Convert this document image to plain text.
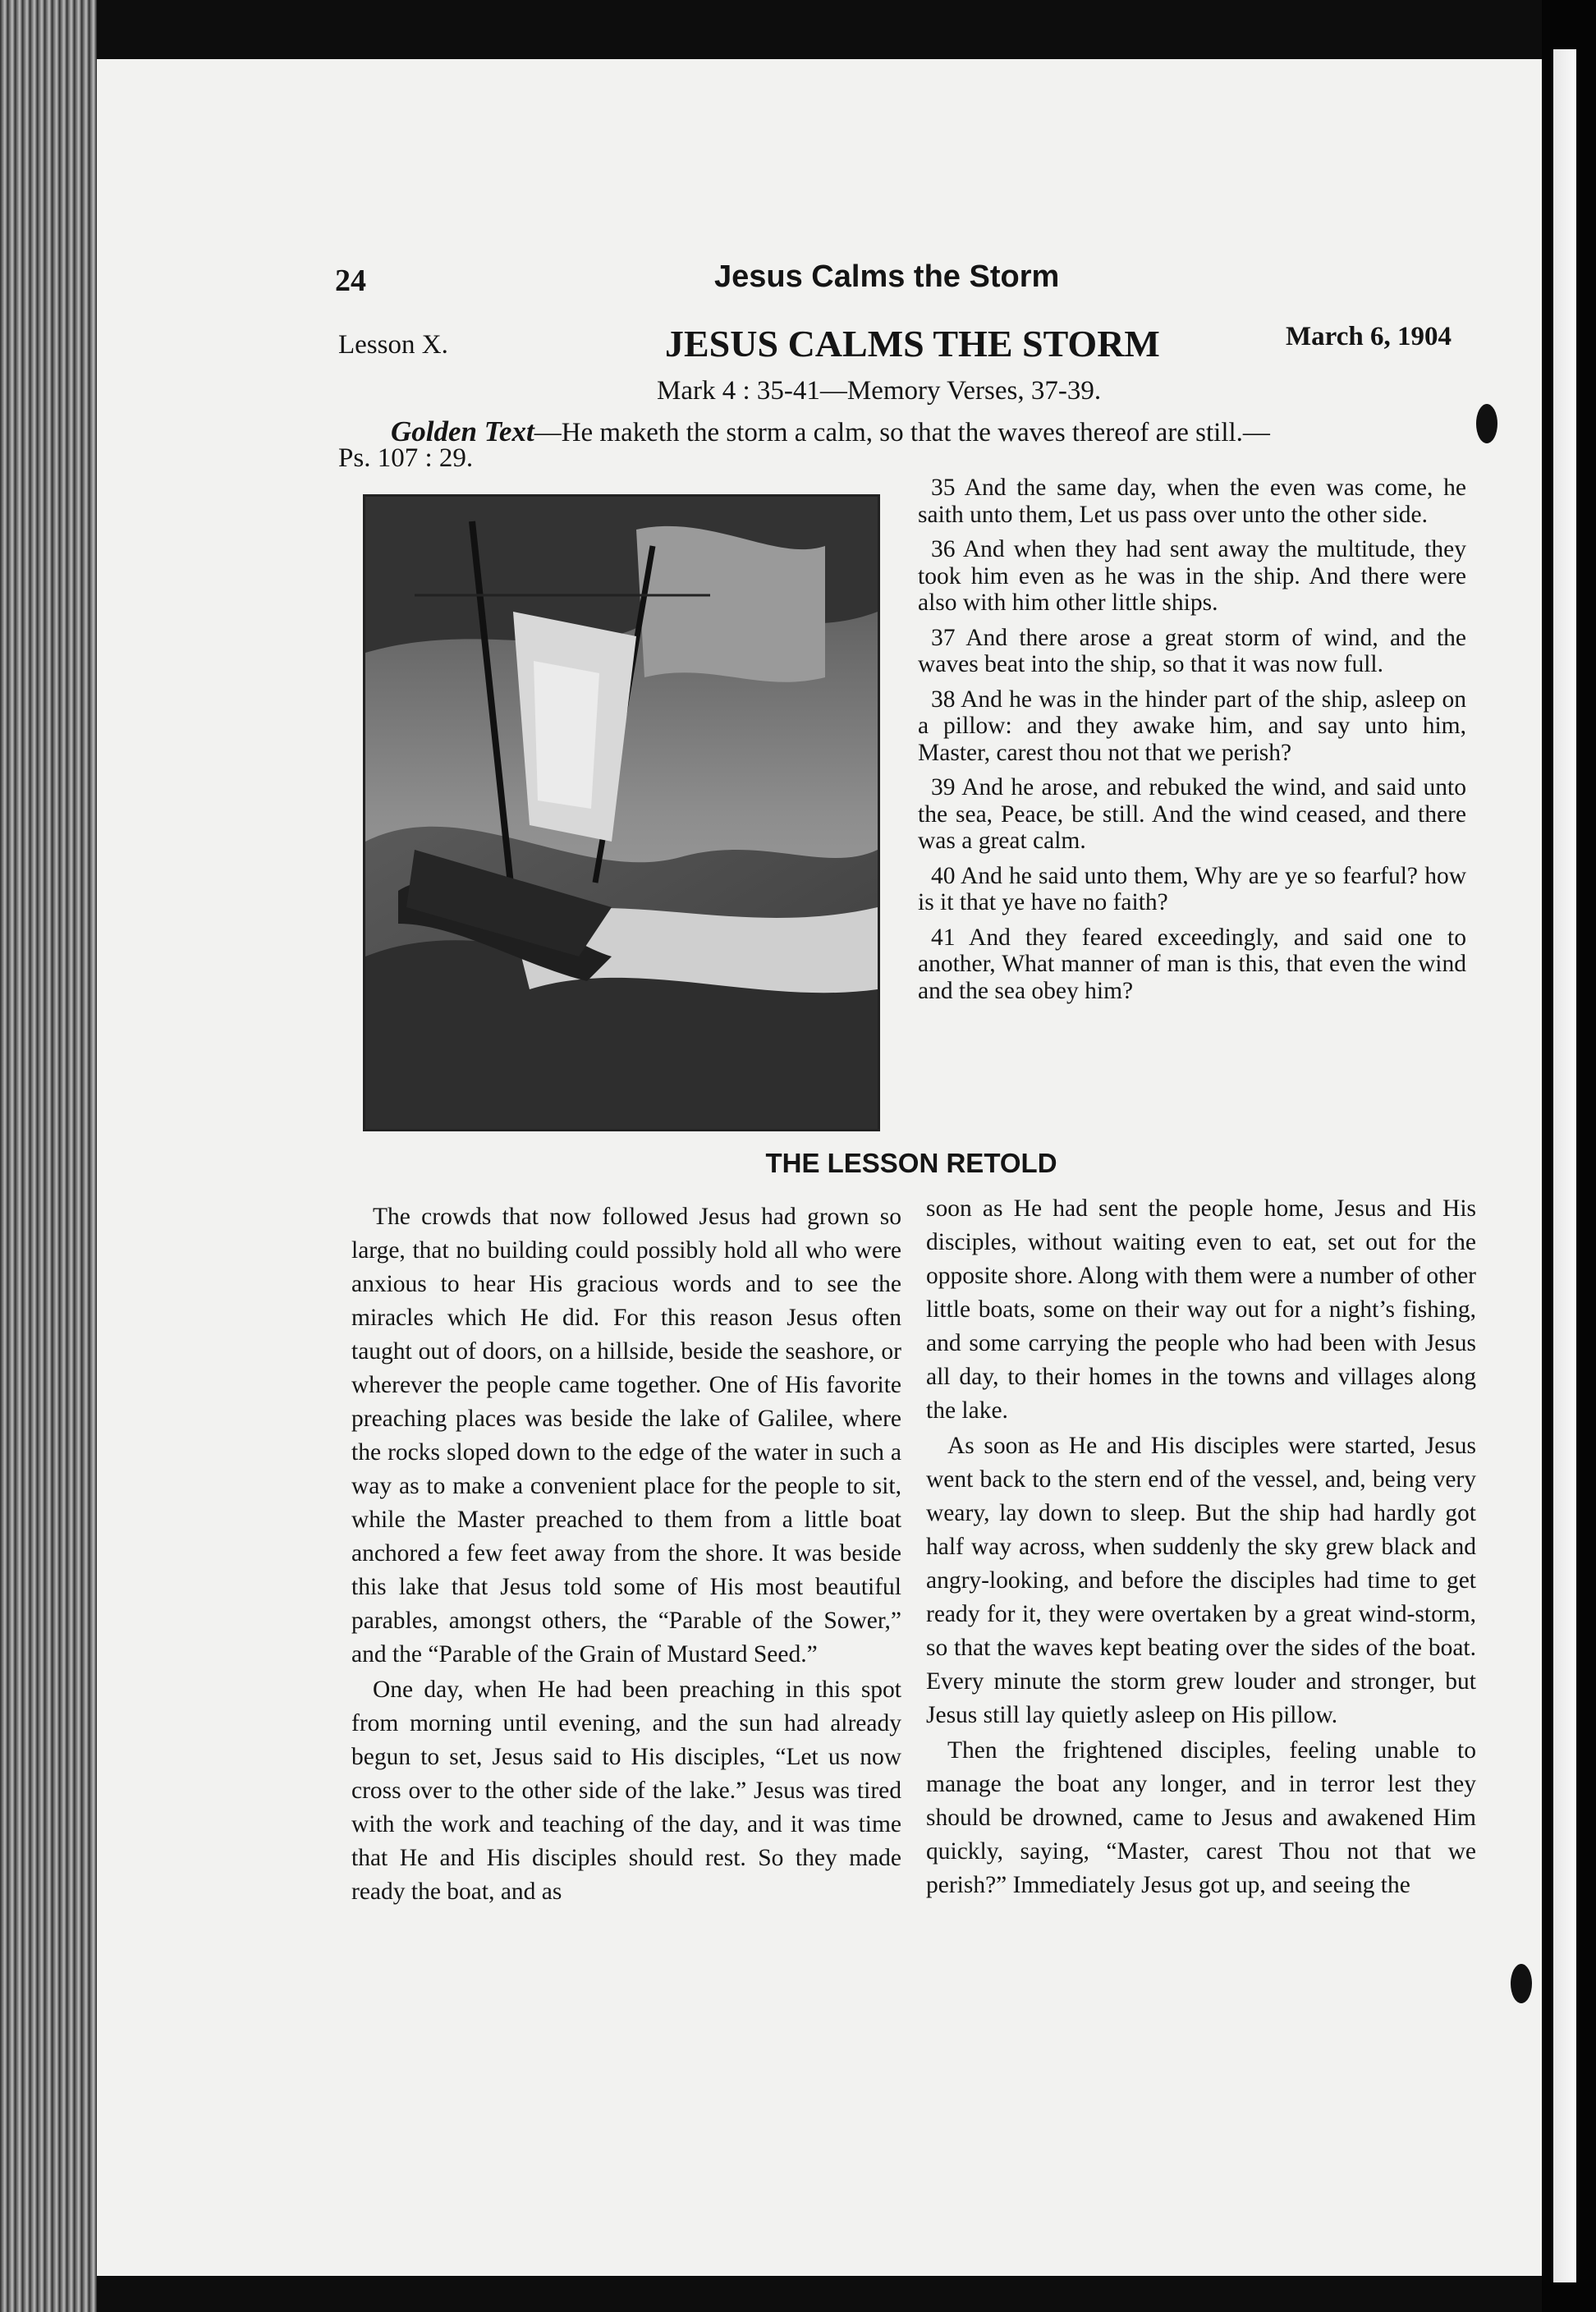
24	Jesus Calms the Storm
Lesson X.	JESUS CALMS THE STORM	March 6, 1904
Mark 4 : 35-41—Memory Verses, 37-39.
Golden Text—He maketh the storm a calm, so that the waves thereof are still.—
Ps. 107 : 29.

35 And the same day, when the even was come, he saith unto them, Let us pass over unto the other side.

36 And when they had sent away the multitude, they took him even as he was in the ship. And there were also with him other little ships.

37 And there arose a great storm of wind, and the waves beat into the ship, so that it was now full.

38 And he was in the hinder part of the ship, asleep on a pillow: and they awake him, and say unto him, Master, carest thou not that we perish?

39 And he arose, and rebuked the wind, and said unto the sea, Peace, be still. And the wind ceased, and there was a great calm.

40 And he said unto them, Why are ye so fearful? how is it that ye have no faith?

41 And they feared exceedingly, and said one to another, What manner of man is this, that even the wind and the sea obey him?

THE LESSON RETOLD

The crowds that now followed Jesus had grown so large, that no building could possibly hold all who were anxious to hear His gracious words and to see the miracles which He did. For this reason Jesus often taught out of doors, on a hillside, beside the seashore, or wherever the people came together. One of His favorite preaching places was beside the lake of Galilee, where the rocks sloped down to the edge of the water in such a way as to make a convenient place for the people to sit, while the Master preached to them from a little boat anchored a few feet away from the shore. It was beside this lake that Jesus told some of His most beautiful parables, amongst others, the “Parable of the Sower,” and the “Parable of the Grain of Mustard Seed.”

One day, when He had been preaching in this spot from morning until evening, and the sun had already begun to set, Jesus said to His disciples, “Let us now cross over to the other side of the lake.” Jesus was tired with the work and teaching of the day, and it was time that He and His disciples should rest. So they made ready the boat, and as

soon as He had sent the people home, Jesus and His disciples, without waiting even to eat, set out for the opposite shore. Along with them were a number of other little boats, some on their way out for a night’s fishing, and some carrying the people who had been with Jesus all day, to their homes in the towns and villages along the lake.

As soon as He and His disciples were started, Jesus went back to the stern end of the vessel, and, being very weary, lay down to sleep. But the ship had hardly got half way across, when suddenly the sky grew black and angry-looking, and before the disciples had time to get ready for it, they were overtaken by a great wind-storm, so that the waves kept beating over the sides of the boat. Every minute the storm grew louder and stronger, but Jesus still lay quietly asleep on His pillow.

Then the frightened disciples, feeling unable to manage the boat any longer, and in terror lest they should be drowned, came to Jesus and awakened Him quickly, saying, “Master, carest Thou not that we perish?” Immediately Jesus got up, and seeing the
